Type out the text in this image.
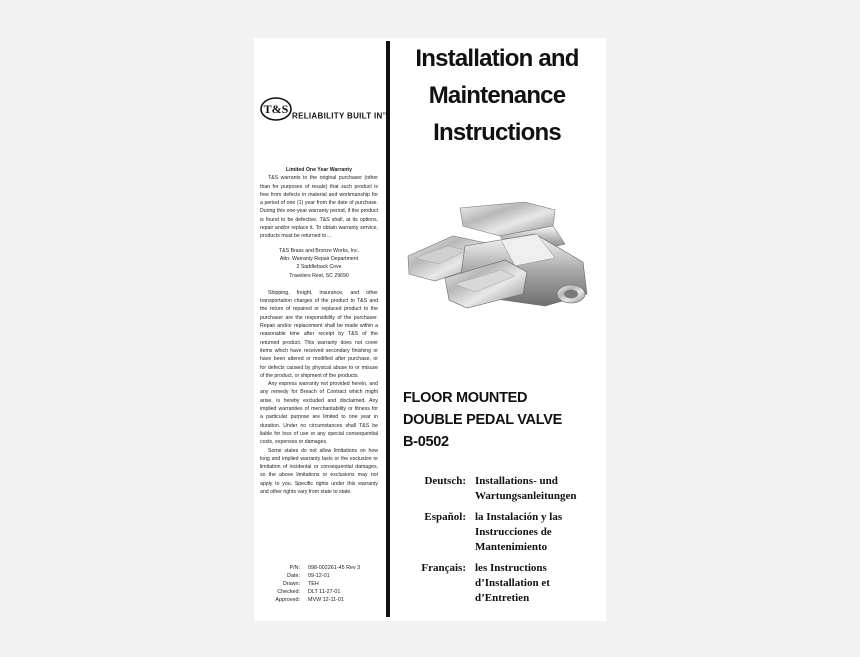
T&S
RELIABILITY BUILT IN™

Limited One Year Warranty

T&S warrants to the original purchaser (other than for purposes of resale) that such product is free from defects in material and workmanship for a period of one (1) year from the date of purchase. During this one-year warranty period, if the product is found to be defective, T&S shall, at its options, repair and/or replace it. To obtain warranty service, products must be returned to…

T&S Brass and Bronze Works, Inc.
Attn: Warranty Repair Department
2 Saddleback Cove
Travelers Rest, SC 29690

Shipping, freight, insurance, and other transportation charges of the product to T&S and the return of repaired or replaced product to the purchaser are the responsibility of the purchaser. Repair and/or replacement shall be made within a reasonable time after receipt by T&S of the returned product. This warranty does not cover items which have received secondary finishing or have been altered or modified after purchase, or for defects caused by physical abuse to or misuse of the product, or shipment of the products.

Any express warranty not provided herein, and any remedy for Breach of Contract which might arise, is hereby excluded and disclaimed. Any implied warranties of merchantability or fitness for a particular purpose are limited to one year in duration. Under no circumstances shall T&S be liable for loss of use or any special consequential costs, expenses or damages.

Some states do not allow limitations on how long and implied warranty lasts or the exclusion or limitation of incidental or consequential damages, so the above limitations or exclusions may not apply to you. Specific rights under this warranty and other rights vary from state to state.

P/N:	098-002261-45 Rev 3
Date:	09-12-01
Drawn:	TEH
Checked:	DLT 11-27-01
Approved:	MVW 12-11-01
Installation and
Maintenance
Instructions
FLOOR MOUNTED
DOUBLE PEDAL VALVE
B-0502
Deutsch: Installations- und
Wartungsanleitungen
Español: la Instalación y las
Instrucciones de
Mantenimiento
Français: les Instructions
d’Installation et
d’Entretien
